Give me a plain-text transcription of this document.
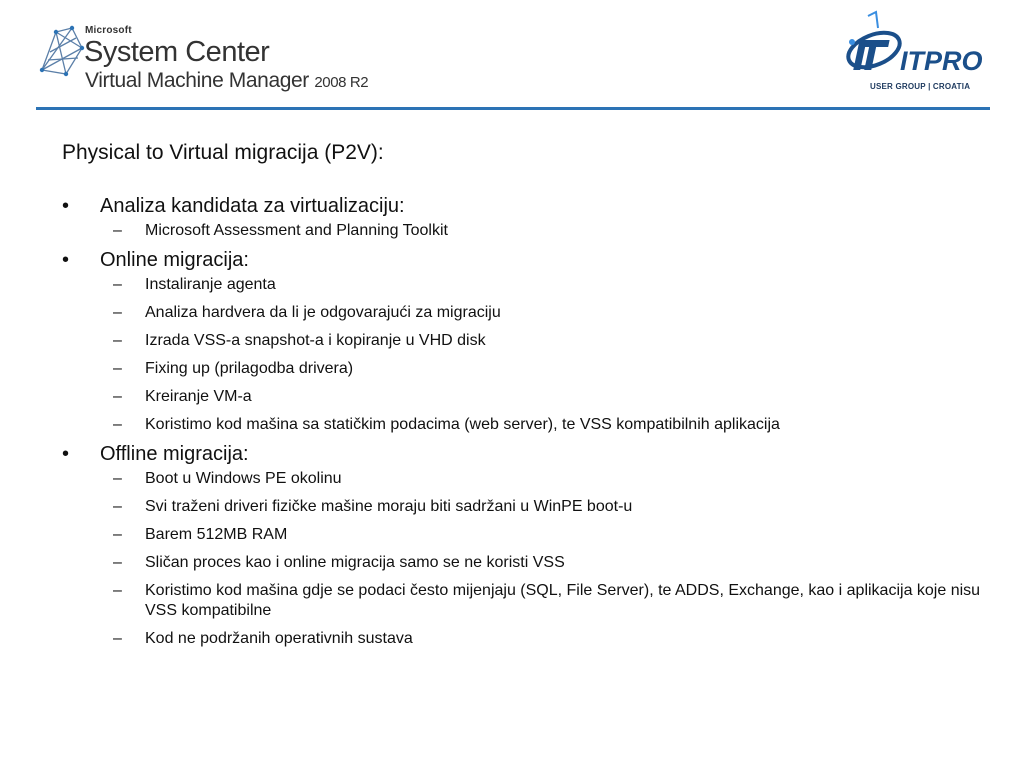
Microsoft
System Center
Virtual Machine Manager 2008 R2
ITPRO
USER GROUP | CROATIA
Physical to Virtual migracija (P2V):
• Analiza kandidata za virtualizaciju:
– Microsoft Assessment and Planning Toolkit
• Online migracija:
– Instaliranje agenta
– Analiza hardvera da li je odgovarajući za migraciju
– Izrada VSS-a snapshot-a i kopiranje u VHD disk
– Fixing up (prilagodba drivera)
– Kreiranje VM-a
– Koristimo kod mašina sa statičkim podacima (web server), te VSS kompatibilnih aplikacija
• Offline migracija:
– Boot u Windows PE okolinu
– Svi traženi driveri fizičke mašine moraju biti sadržani u WinPE boot-u
– Barem 512MB RAM
– Sličan proces kao i online migracija samo se ne koristi VSS
– Koristimo kod mašina gdje se podaci često mijenjaju (SQL, File Server), te ADDS, Exchange, kao i aplikacija koje nisu VSS kompatibilne
– Kod ne podržanih operativnih sustava
